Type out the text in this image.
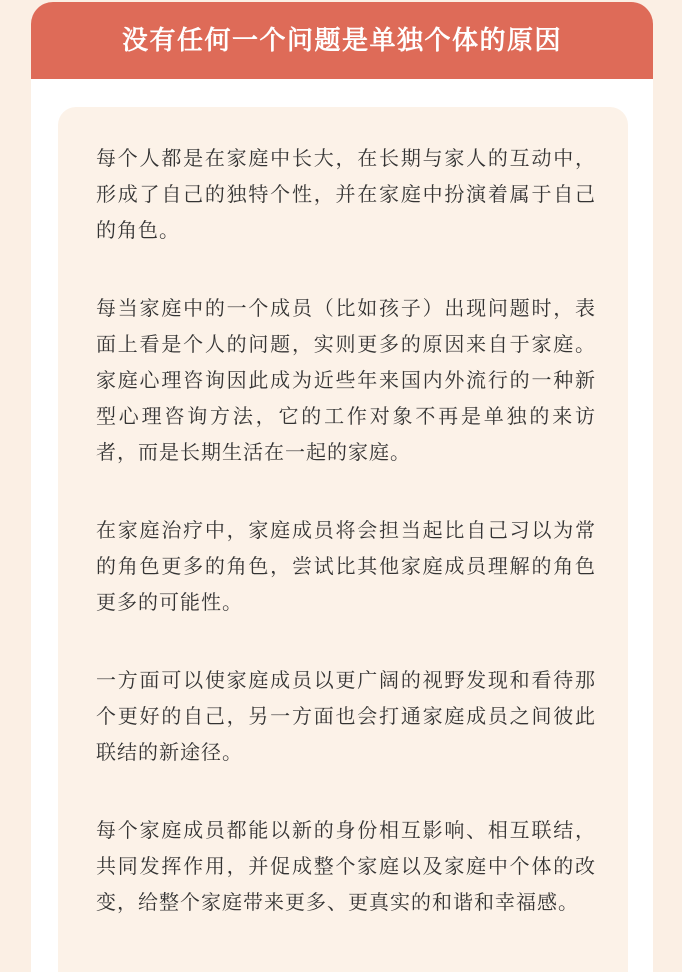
没有任何一个问题是单独个体的原因

每个人都是在家庭中长大，在长期与家人的互动中，形成了自己的独特个性，并在家庭中扮演着属于自己的角色。

每当家庭中的一个成员（比如孩子）出现问题时，表面上看是个人的问题，实则更多的原因来自于家庭。家庭心理咨询因此成为近些年来国内外流行的一种新型心理咨询方法，它的工作对象不再是单独的来访者，而是长期生活在一起的家庭。

在家庭治疗中，家庭成员将会担当起比自己习以为常的角色更多的角色，尝试比其他家庭成员理解的角色更多的可能性。

一方面可以使家庭成员以更广阔的视野发现和看待那个更好的自己，另一方面也会打通家庭成员之间彼此联结的新途径。

每个家庭成员都能以新的身份相互影响、相互联结，共同发挥作用，并促成整个家庭以及家庭中个体的改变，给整个家庭带来更多、更真实的和谐和幸福感。
